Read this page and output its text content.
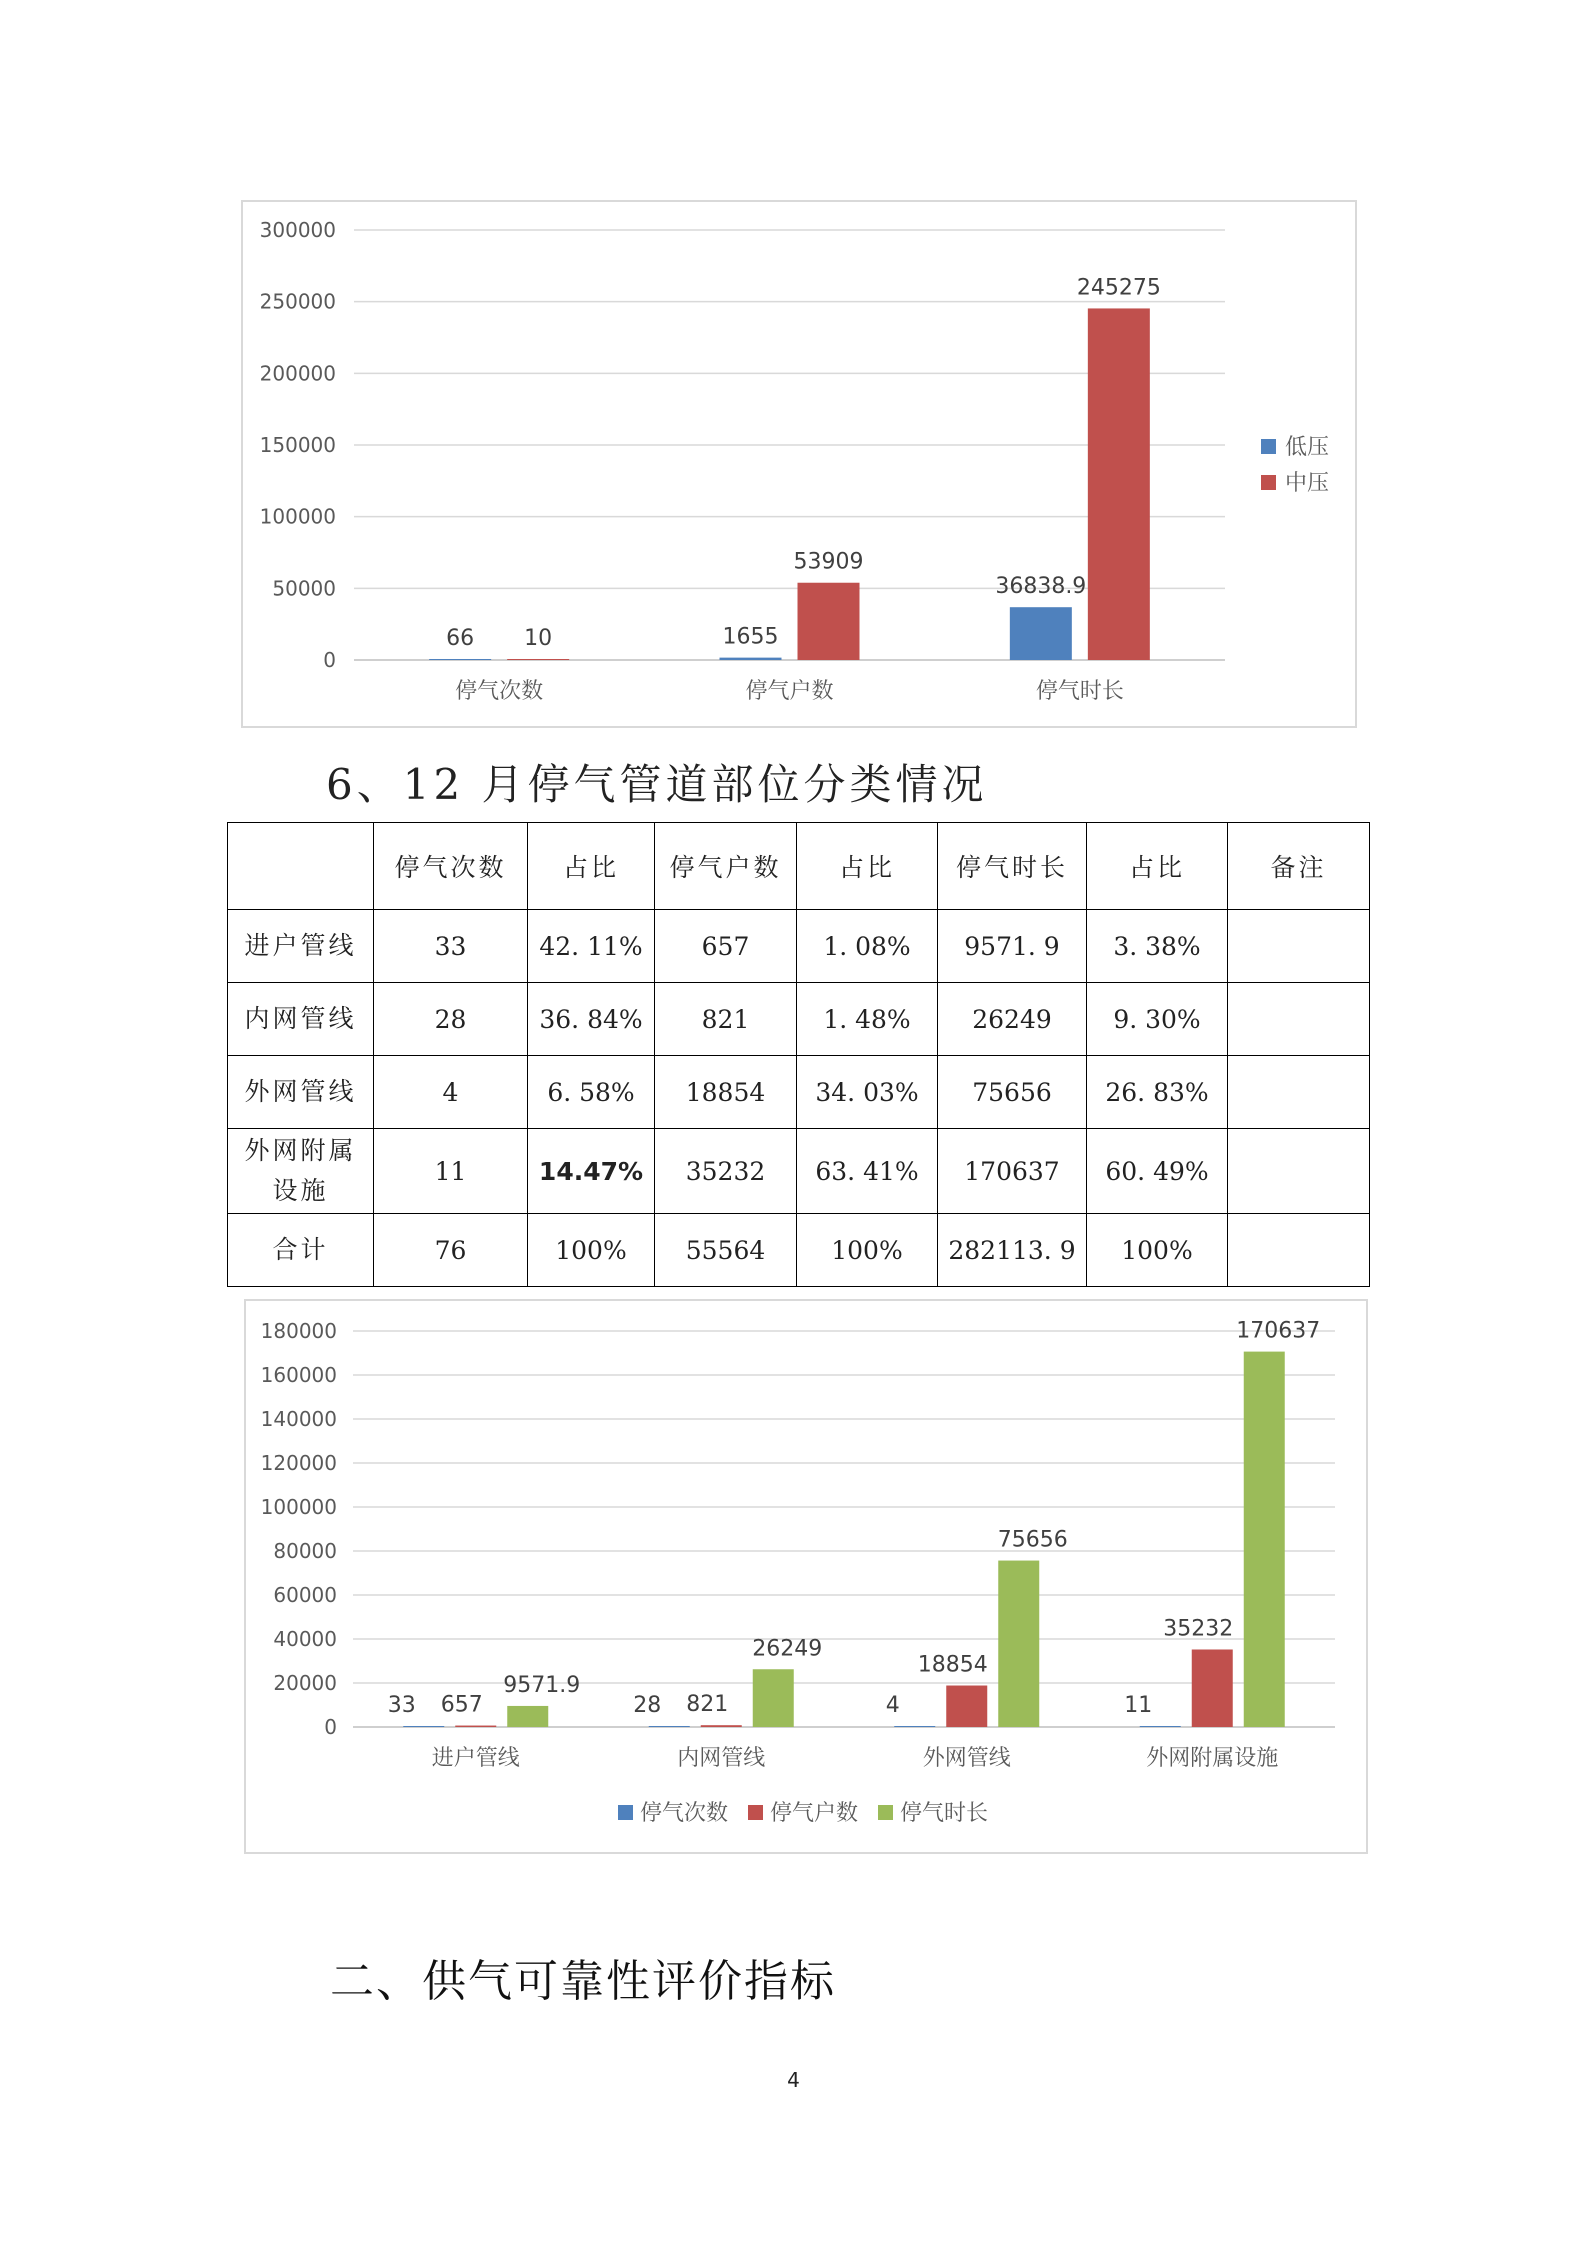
300000
250000
200000
150000
100000
50000
0
停气次数
66 10
停气户数
1655
53909
停气时长
36838.9
245275
低压
中压
6、12 月停气管道部位分类情况
	停气次数	占比	停气户数	占比	停气时长	占比	备注
进户管线	33	42. 11%	657	1. 08%	9571. 9	3. 38%	
内网管线	28	36. 84%	821	1. 48%	26249	9. 30%	
外网管线	4	6. 58%	18854	34. 03%	75656	26. 83%	
外网附属
设施	11	14.47%	35232	63. 41%	170637	60. 49%	
合计	76	100%	55564	100%	282113. 9	100%	
180000
160000
140000
120000
100000
80000
60000
40000
20000
0
进户管线
33 657
9571.9
内网管线
28 821
26249
外网管线
4
18854
75656
外网附属设施
11
35232
170637
停气次数 停气户数 停气时长
二、供气可靠性评价指标
4
